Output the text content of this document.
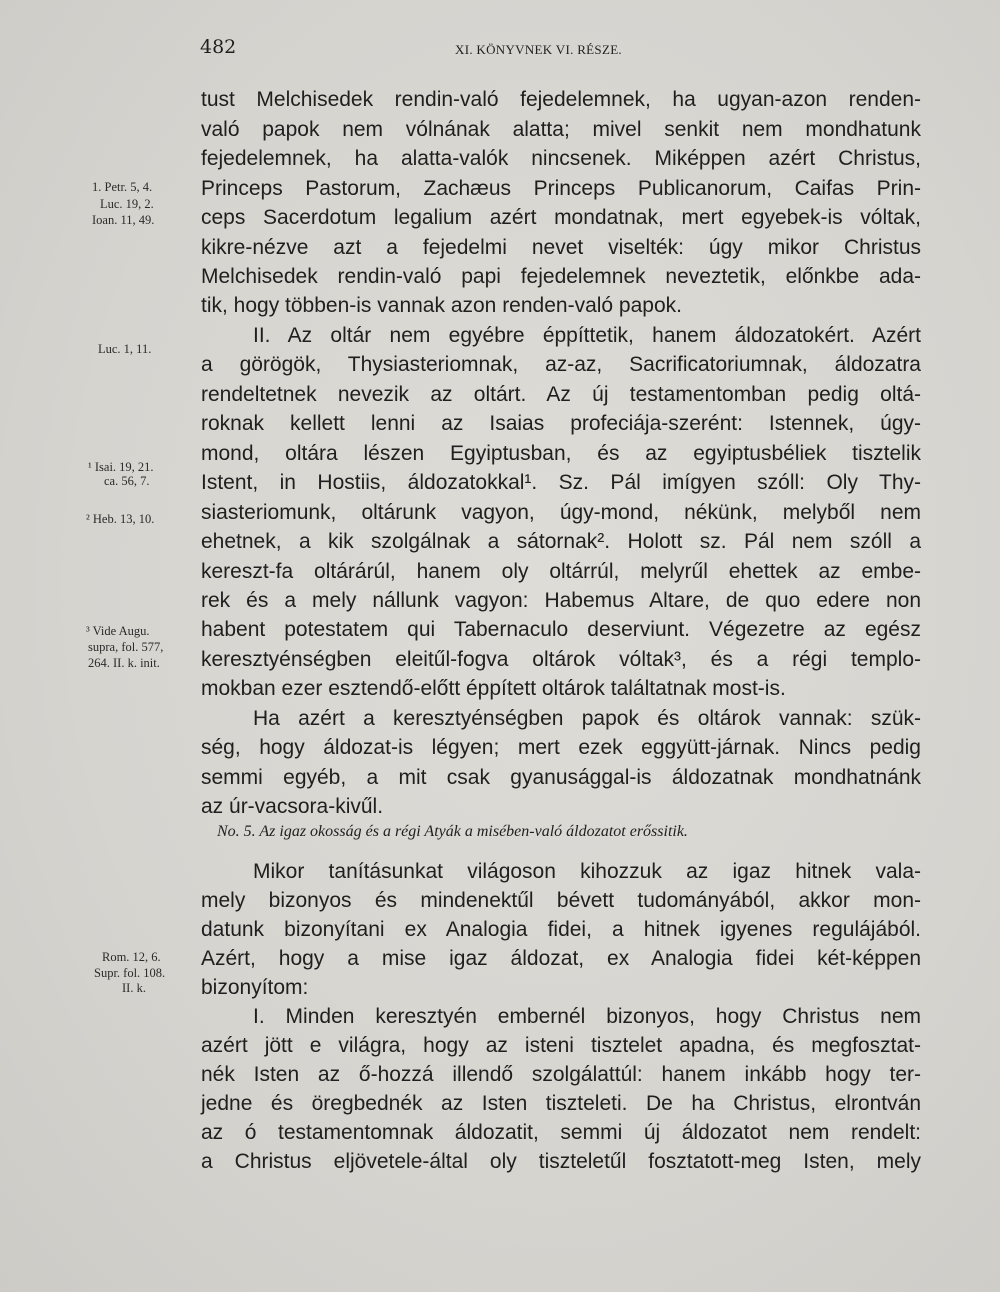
482	XI. KÖNYVNEK VI. RÉSZE.
tust Melchisedek rendin-való fejedelemnek, ha ugyan-azon renden-
való papok nem vólnának alatta; mivel senkit nem mondhatunk
fejedelemnek, ha alatta-valók nincsenek. Miképpen azért Christus,
Princeps Pastorum, Zachæus Princeps Publicanorum, Caifas Prin-
ceps Sacerdotum legalium azért mondatnak, mert egyebek-is vóltak,
kikre-nézve azt a fejedelmi nevet viselték: úgy mikor Christus
Melchisedek rendin-való papi fejedelemnek neveztetik, előnkbe ada-
tik, hogy többen-is vannak azon renden-való papok.
II. Az oltár nem egyébre éppíttetik, hanem áldozatokért. Azért
a görögök, Thysiasteriomnak, az-az, Sacrificatoriumnak, áldozatra
rendeltetnek nevezik az oltárt. Az új testamentomban pedig oltá-
roknak kellett lenni az Isaias profeciája-szerént: Istennek, úgy-
mond, oltára lészen Egyiptusban, és az egyiptusbéliek tisztelik
Istent, in Hostiis, áldozatokkal¹. Sz. Pál imígyen szóll: Oly Thy-
siasteriomunk, oltárunk vagyon, úgy-mond, nékünk, melyből nem
ehetnek, a kik szolgálnak a sátornak². Holott sz. Pál nem szóll a
kereszt-fa oltárárúl, hanem oly oltárrúl, melyrűl ehettek az embe-
rek és a mely nállunk vagyon: Habemus Altare, de quo edere non
habent potestatem qui Tabernaculo deserviunt. Végezetre az egész
keresztyénségben eleitűl-fogva oltárok vóltak³, és a régi templo-
mokban ezer esztendő-előtt éppített oltárok találtatnak most-is.
Ha azért a keresztyénségben papok és oltárok vannak: szük-
ség, hogy áldozat-is légyen; mert ezek eggyütt-járnak. Nincs pedig
semmi egyéb, a mit csak gyanusággal-is áldozatnak mondhatnánk
az úr-vacsora-kivűl.
No. 5. Az igaz okosság és a régi Atyák a misében-való áldozatot erőssitik.
Mikor tanításunkat világoson kihozzuk az igaz hitnek vala-
mely bizonyos és mindenektűl bévett tudományából, akkor mon-
datunk bizonyítani ex Analogia fidei, a hitnek igyenes regulájából.
Azért, hogy a mise igaz áldozat, ex Analogia fidei két-képpen
bizonyítom:
I. Minden keresztyén embernél bizonyos, hogy Christus nem
azért jött e világra, hogy az isteni tisztelet apadna, és megfosztat-
nék Isten az ő-hozzá illendő szolgálattúl: hanem inkább hogy ter-
jedne és öregbednék az Isten tiszteleti. De ha Christus, elrontván
az ó testamentomnak áldozatit, semmi új áldozatot nem rendelt:
a Christus eljövetele-által oly tiszteletűl fosztatott-meg Isten, mely
1. Petr. 5, 4.
Luc. 19, 2.
Ioan. 11, 49.
Luc. 1, 11.
¹ Isai. 19, 21.
ca. 56, 7.
² Heb. 13, 10.
³ Vide Augu.
supra, fol. 577,
264. II. k. init.
Rom. 12, 6.
Supr. fol. 108.
II. k.
